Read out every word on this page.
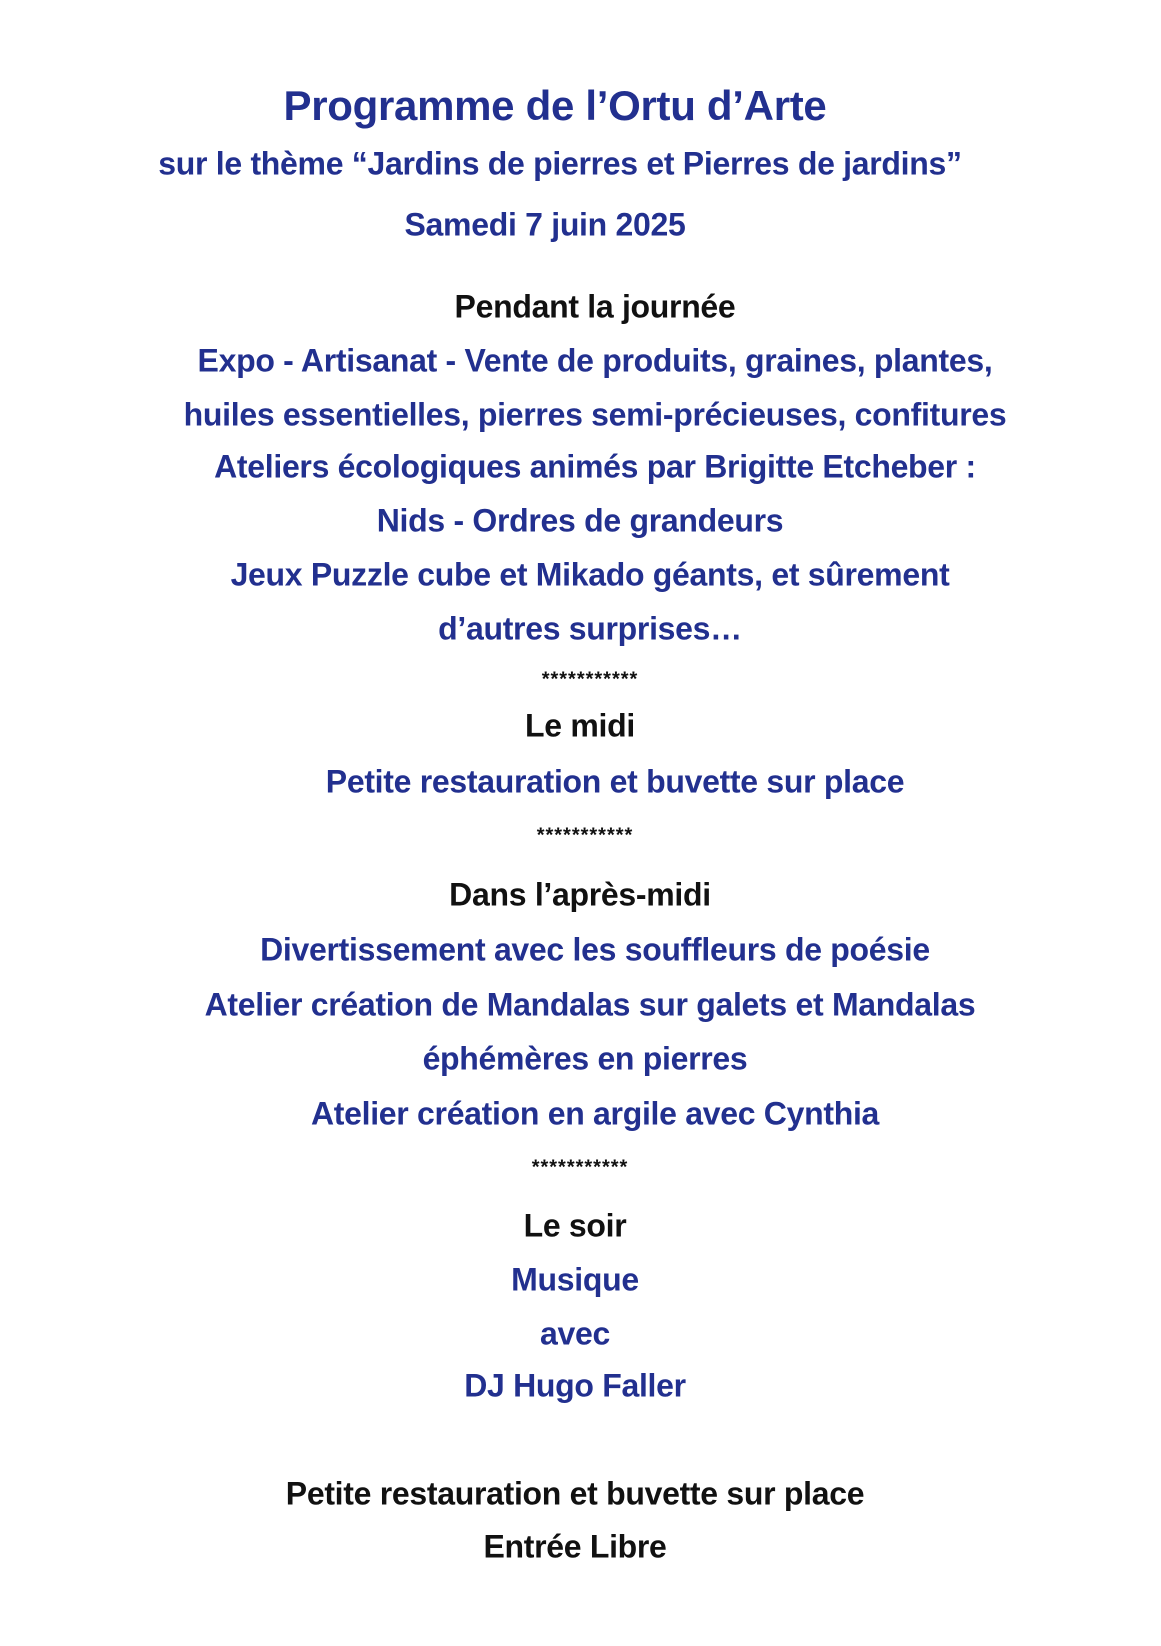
Programme de l’Ortu d’Arte
sur le thème “Jardins de pierres et Pierres de jardins”
Samedi 7 juin 2025
Pendant la journée
Expo - Artisanat - Vente de produits, graines, plantes,
huiles essentielles, pierres semi-précieuses, confitures
Ateliers écologiques animés par Brigitte Etcheber :
Nids - Ordres de grandeurs
Jeux Puzzle cube et Mikado géants, et sûrement
d’autres surprises…
***********
Le midi
Petite restauration et buvette sur place
***********
Dans l’après-midi
Divertissement avec les souffleurs de poésie
Atelier création de Mandalas sur galets et Mandalas
éphémères en pierres
Atelier création en argile avec Cynthia
***********
Le soir
Musique
avec
DJ Hugo Faller
Petite restauration et buvette sur place
Entrée Libre
